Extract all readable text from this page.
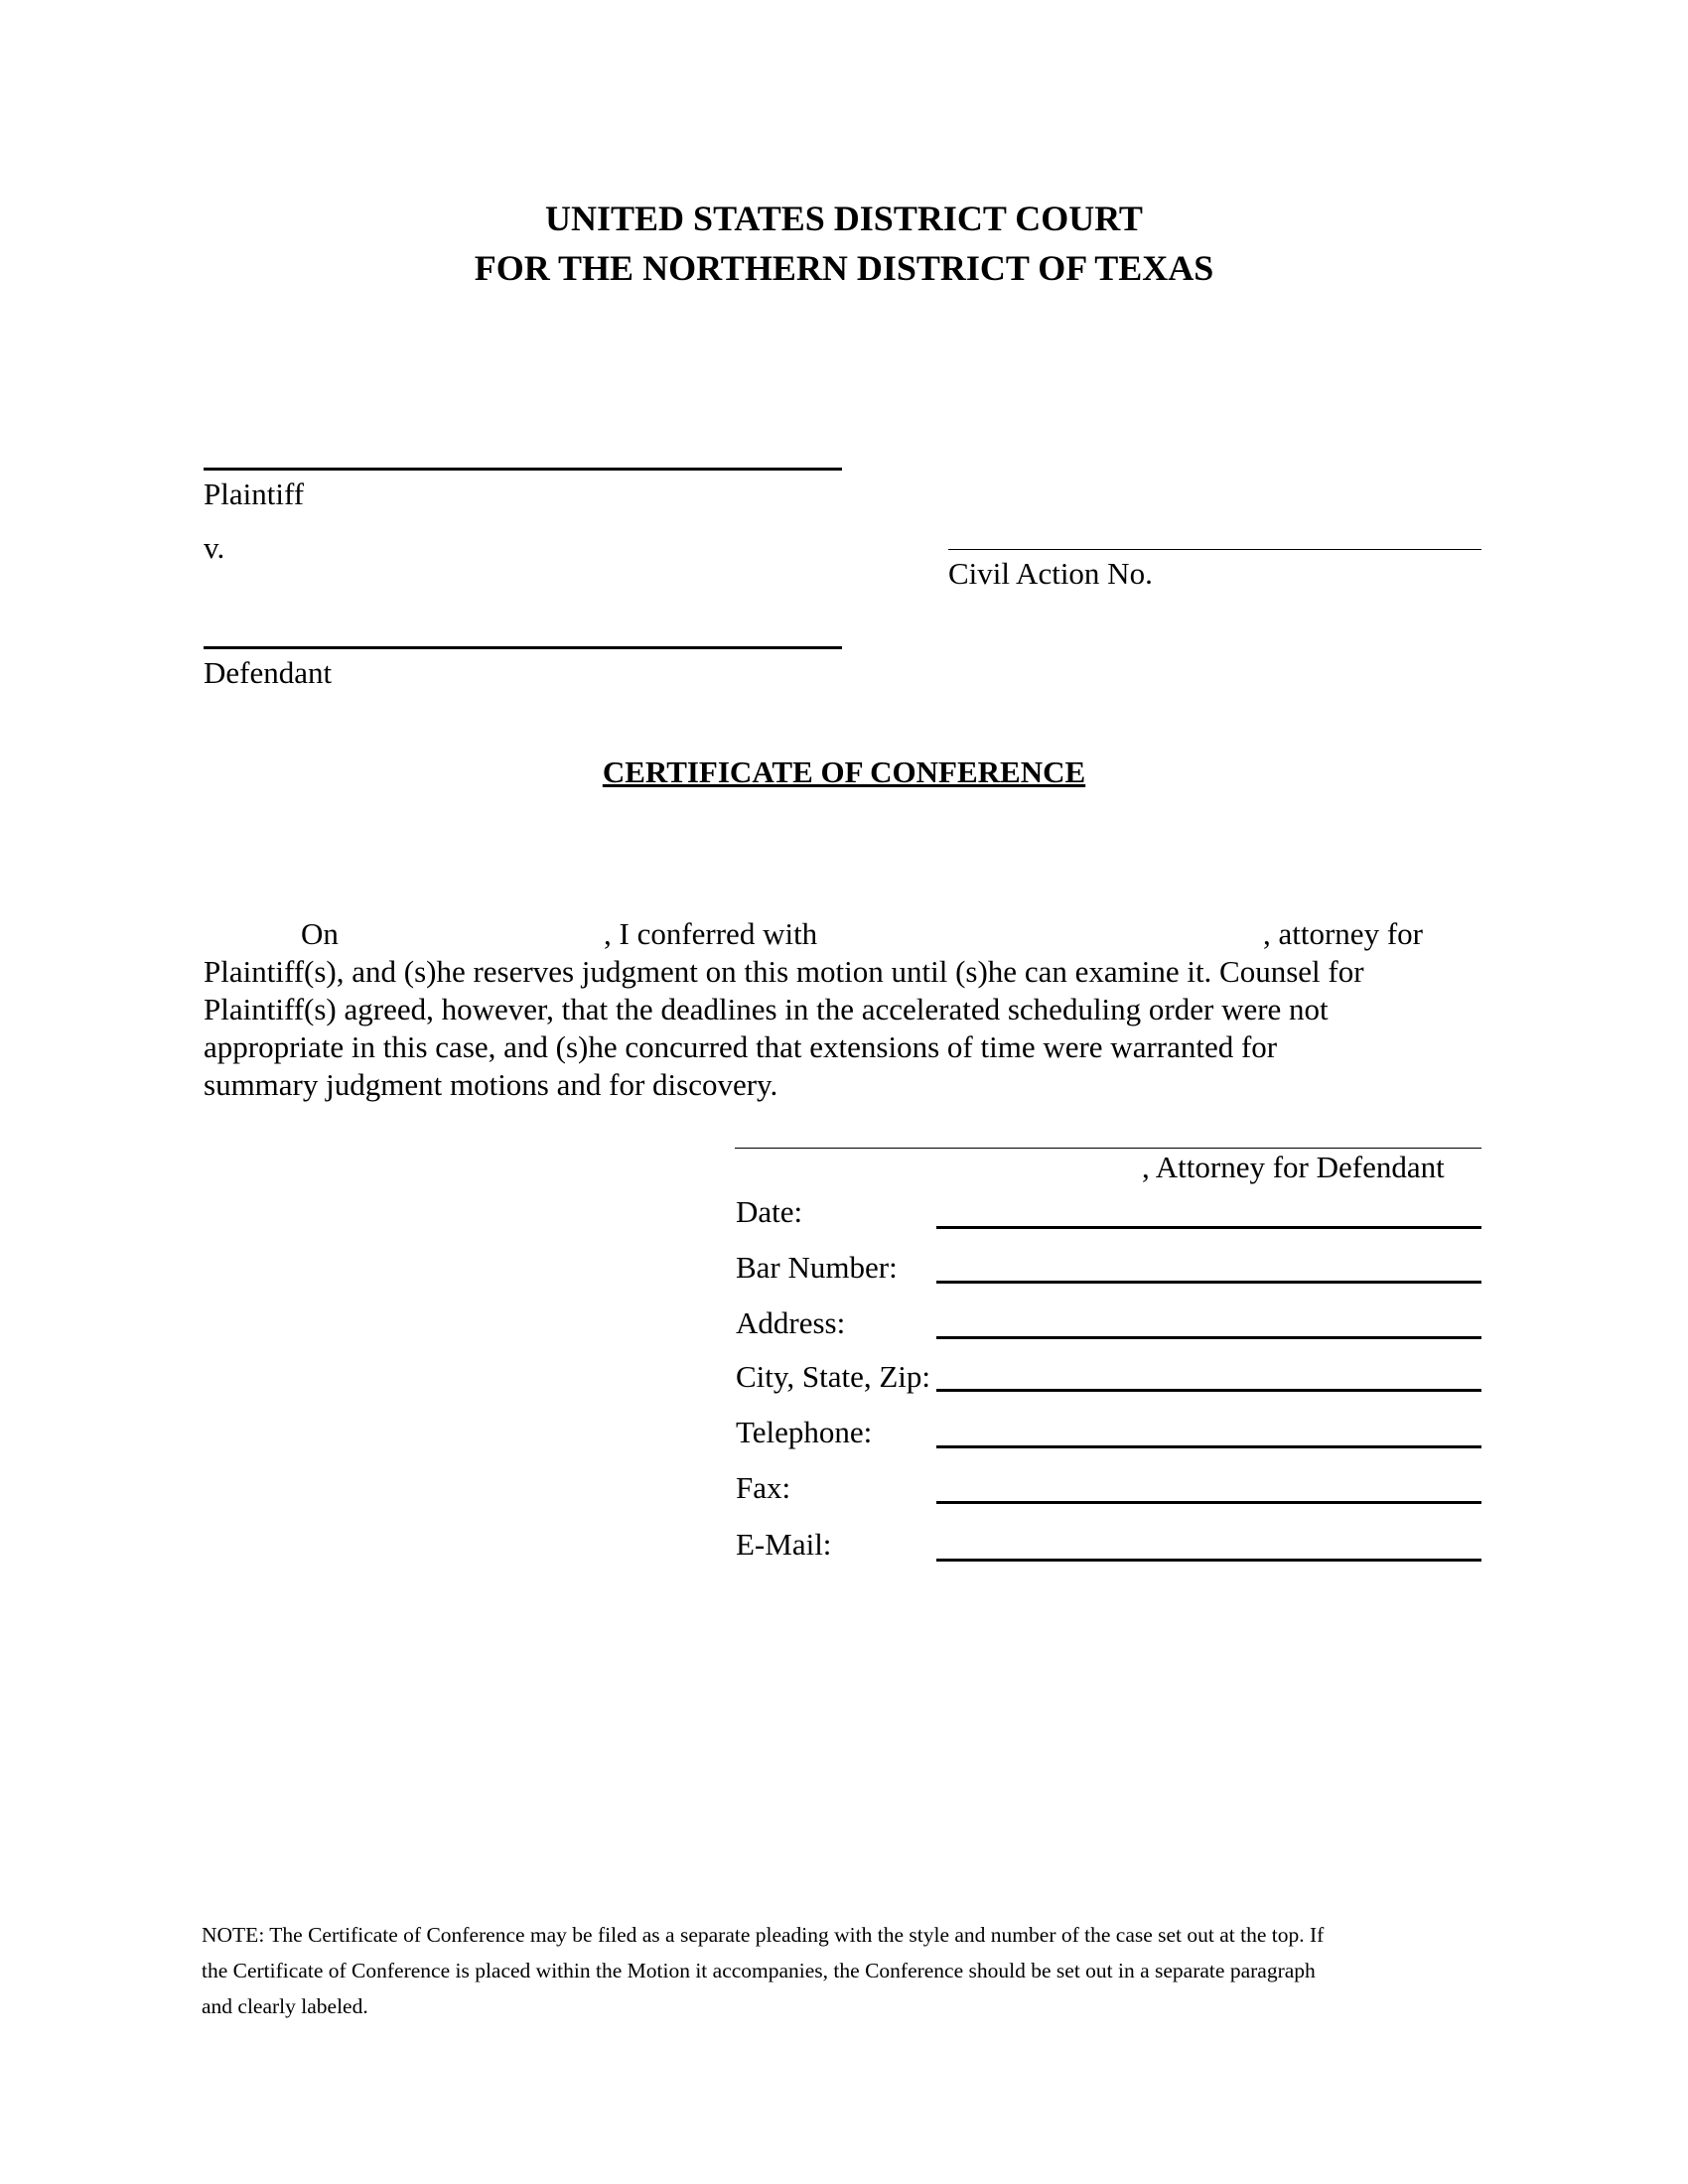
UNITED STATES DISTRICT COURT
FOR THE NORTHERN DISTRICT OF TEXAS
Plaintiff
v.
Civil Action No.
Defendant
CERTIFICATE OF CONFERENCE
On	, I conferred with	, attorney for
Plaintiff(s), and (s)he reserves judgment on this motion until (s)he can examine it. Counsel for
Plaintiff(s) agreed, however, that the deadlines in the accelerated scheduling order were not
appropriate in this case, and (s)he concurred that extensions of time were warranted for
summary judgment motions and for discovery.
, Attorney for Defendant
Date:
Bar Number:
Address:
City, State, Zip:
Telephone:
Fax:
E-Mail:
NOTE: The Certificate of Conference may be filed as a separate pleading with the style and number of the case set out at the top. If
the Certificate of Conference is placed within the Motion it accompanies, the Conference should be set out in a separate paragraph
and clearly labeled.
